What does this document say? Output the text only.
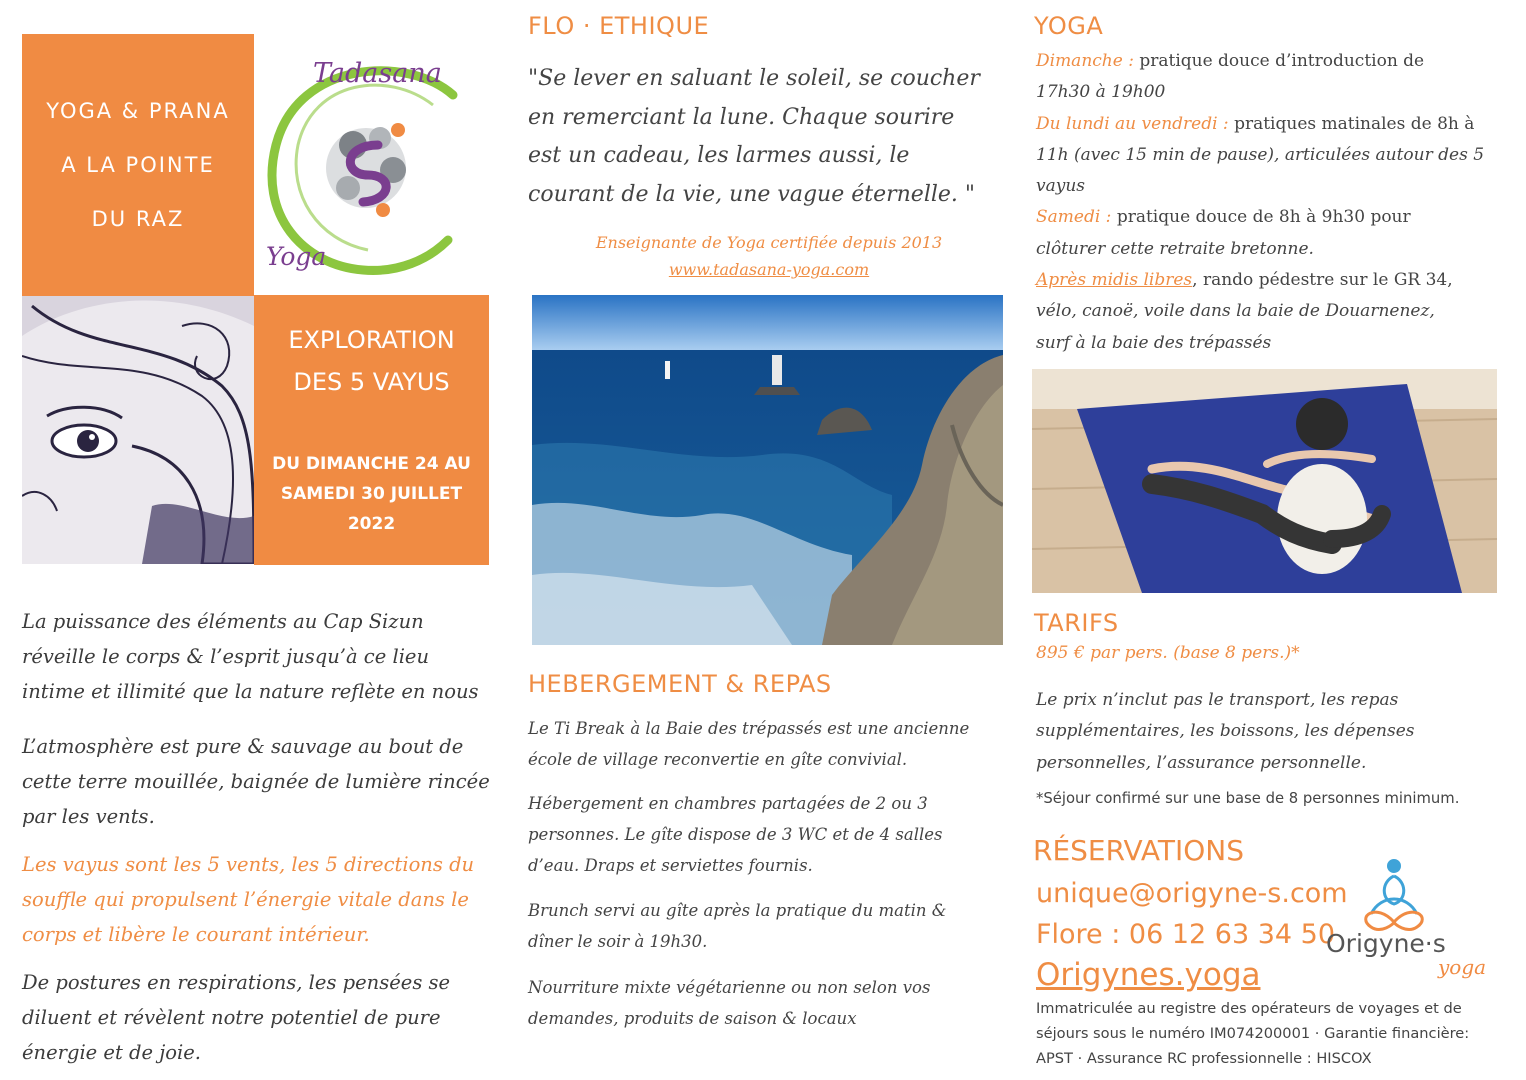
YOGA & PRANA
A LA POINTE
DU RAZ
Tadasana
Yoga
EXPLORATION
DES 5 VAYUS
DU DIMANCHE 24 AU
SAMEDI 30 JUILLET
2022
La puissance des éléments au Cap Sizun
réveille le corps & l’esprit jusqu’à ce lieu
intime et illimité que la nature reflète en nous
L’atmosphère est pure & sauvage au bout de
cette terre mouillée, baignée de lumière rincée
par les vents.
Les vayus sont les 5 vents, les 5 directions du
souffle qui propulsent l’énergie vitale dans le
corps et libère le courant intérieur.
De postures en respirations, les pensées se
diluent et révèlent notre potentiel de pure
énergie et de joie.
FLO · ETHIQUE
"Se lever en saluant le soleil, se coucher
en remerciant la lune. Chaque sourire
est un cadeau, les larmes aussi, le
courant de la vie, une vague éternelle. "
Enseignante de Yoga certifiée depuis 2013
www.tadasana-yoga.com
HEBERGEMENT & REPAS
Le Ti Break à la Baie des trépassés est une ancienne
école de village reconvertie en gîte convivial.
Hébergement en chambres partagées de 2 ou 3
personnes. Le gîte dispose de 3 WC et de 4 salles
d’eau. Draps et serviettes fournis.
Brunch servi au gîte après la pratique du matin &
dîner le soir à 19h30.
Nourriture mixte végétarienne ou non selon vos
demandes, produits de saison & locaux
YOGA
Dimanche : pratique douce d’introduction de
17h30 à 19h00
Du lundi au vendredi : pratiques matinales de 8h à
11h (avec 15 min de pause), articulées autour des 5
vayus
Samedi : pratique douce de 8h à 9h30 pour
clôturer cette retraite bretonne.
Après midis libres, rando pédestre sur le GR 34,
vélo, canoë, voile dans la baie de Douarnenez,
surf à la baie des trépassés
TARIFS
895 € par pers. (base 8 pers.)*
Le prix n’inclut pas le transport, les repas
supplémentaires, les boissons, les dépenses
personnelles, l’assurance personnelle.
*Séjour confirmé sur une base de 8 personnes minimum.
RÉSERVATIONS
unique@origyne-s.com
Flore : 06 12 63 34 50
Origynes.yoga
Origyne·s
yoga
Immatriculée au registre des opérateurs de voyages et de
séjours sous le numéro IM074200001 · Garantie financière:
APST · Assurance RC professionnelle : HISCOX
